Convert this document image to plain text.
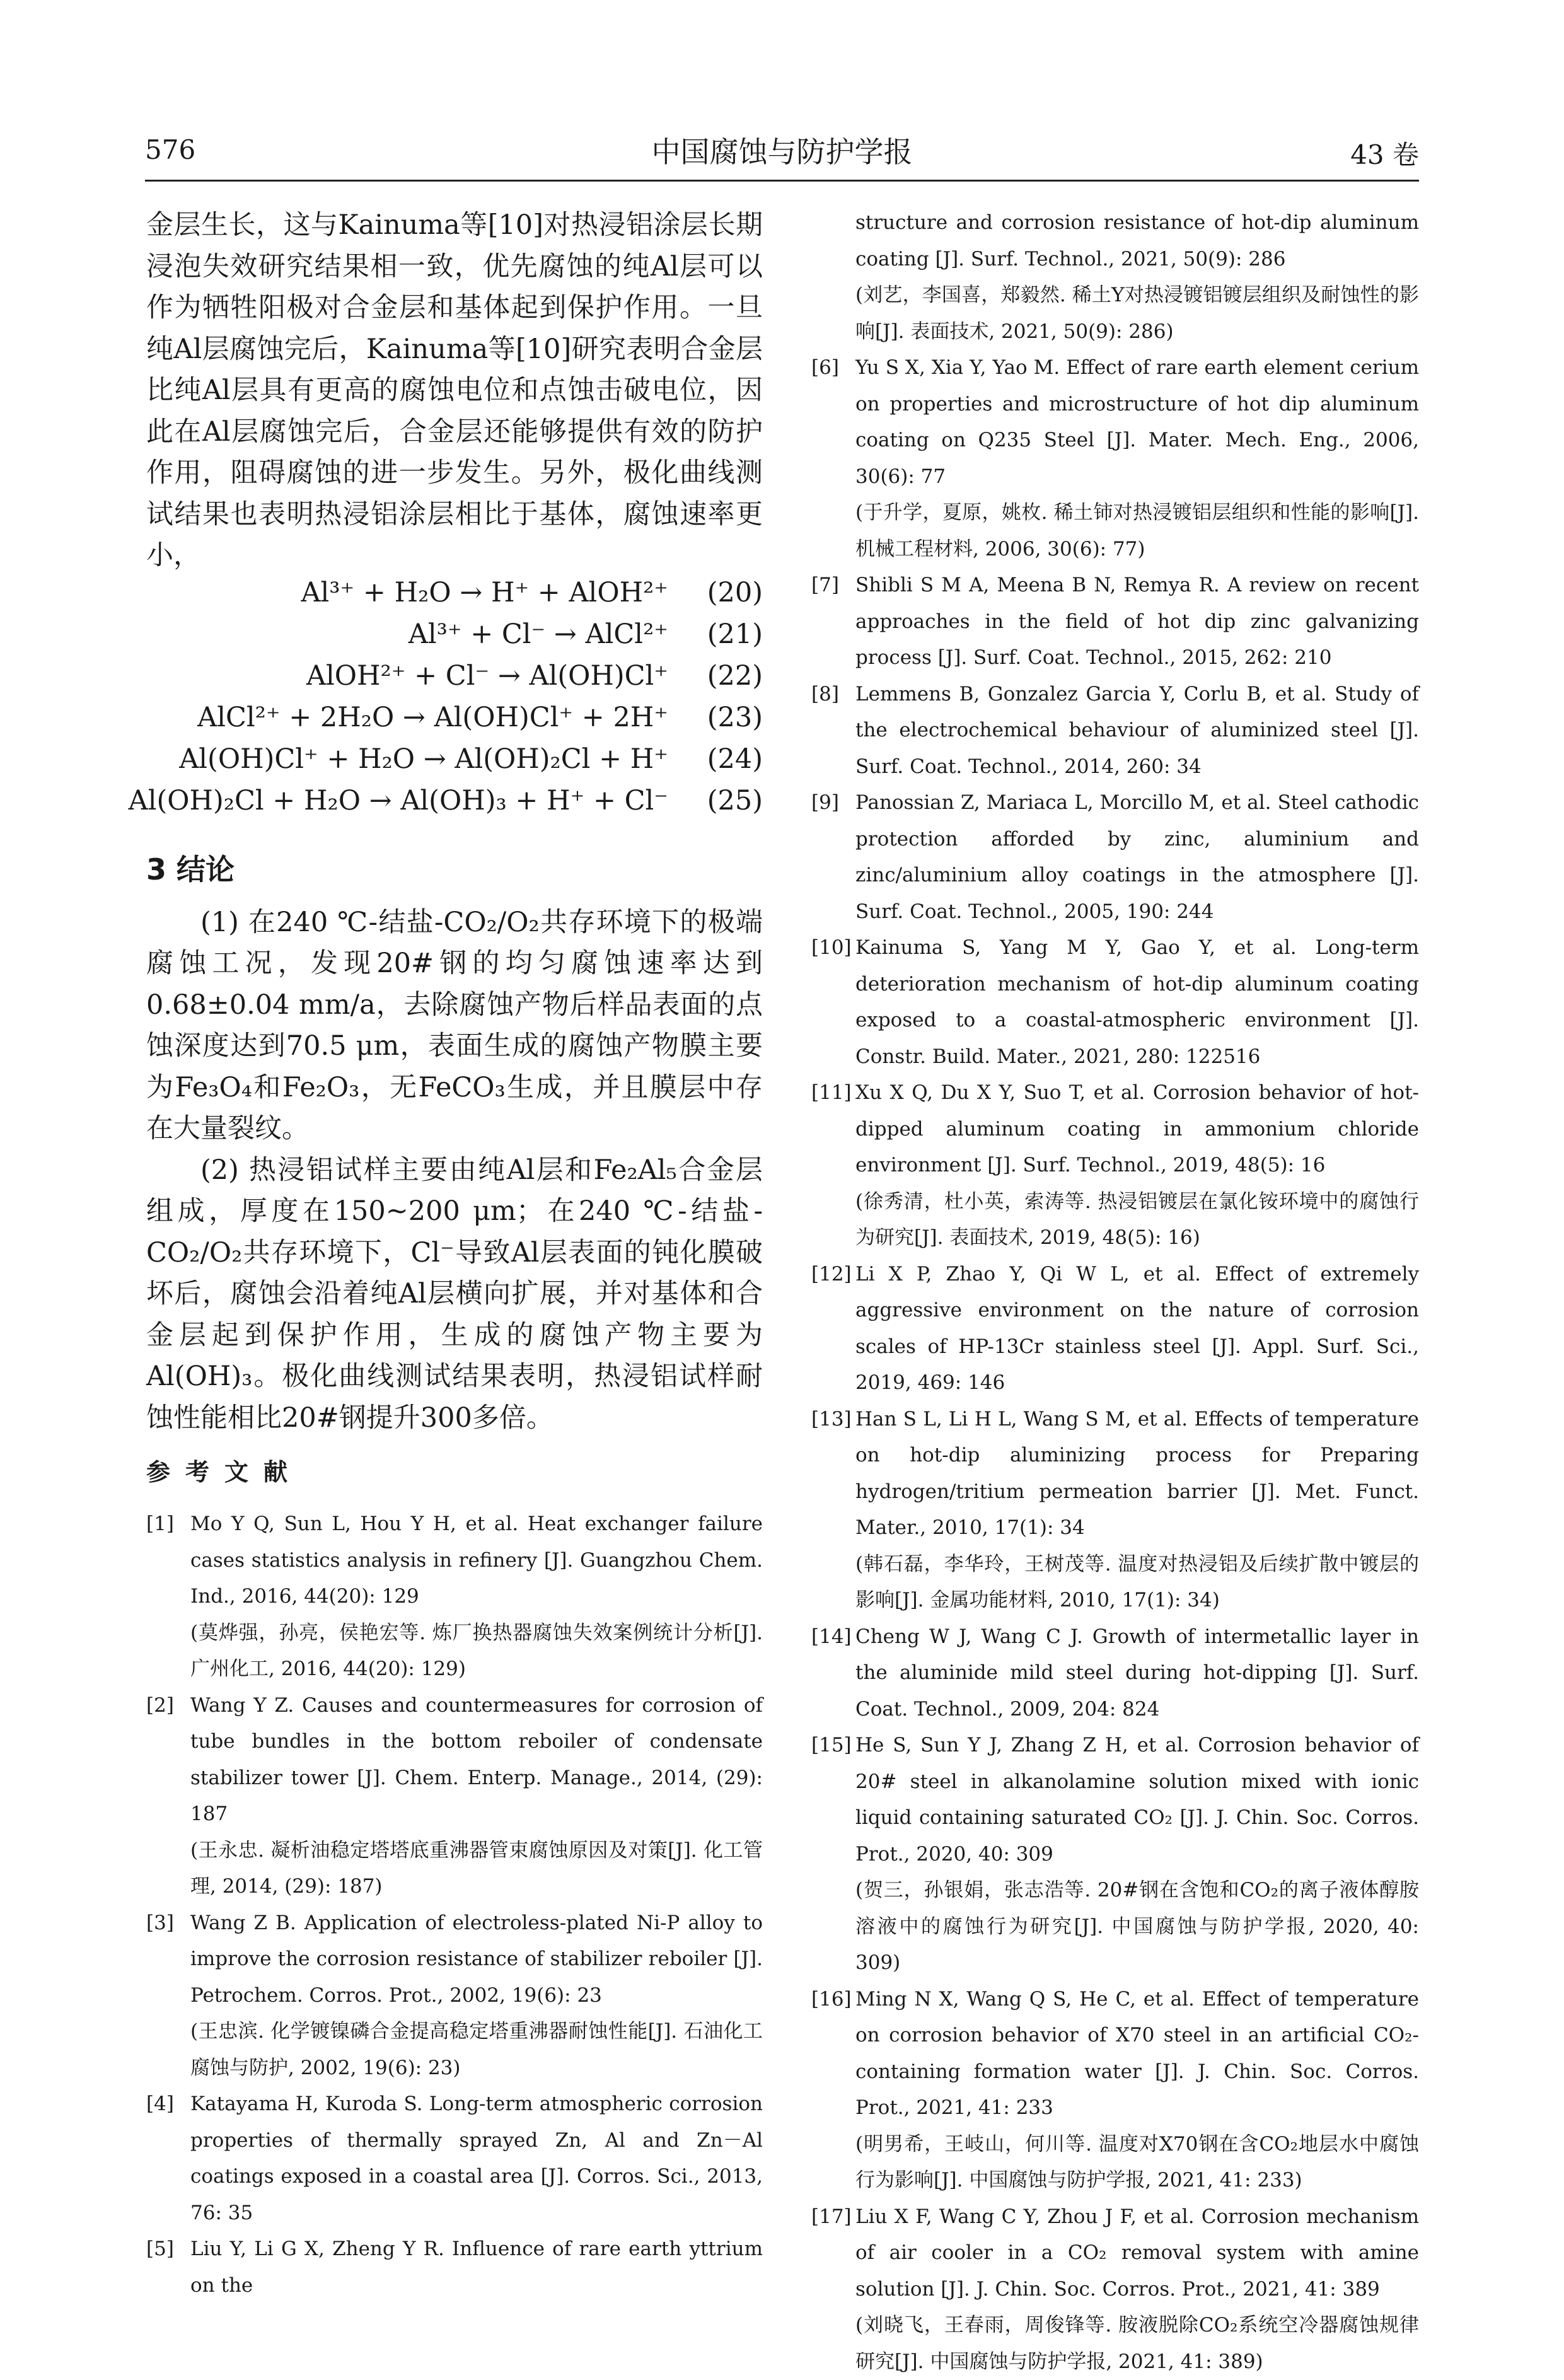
576	中国腐蚀与防护学报	43 卷

金层生长，这与Kainuma等[10]对热浸铝涂层长期浸泡失效研究结果相一致，优先腐蚀的纯Al层可以作为牺牲阳极对合金层和基体起到保护作用。一旦纯Al层腐蚀完后，Kainuma等[10]研究表明合金层比纯Al层具有更高的腐蚀电位和点蚀击破电位，因此在Al层腐蚀完后，合金层还能够提供有效的防护作用，阻碍腐蚀的进一步发生。另外，极化曲线测试结果也表明热浸铝涂层相比于基体，腐蚀速率更小，

Al³⁺ + H₂O → H⁺ + AlOH²⁺ (20)
Al³⁺ + Cl⁻ → AlCl²⁺ (21)
AlOH²⁺ + Cl⁻ → Al(OH)Cl⁺ (22)
AlCl²⁺ + 2H₂O → Al(OH)Cl⁺ + 2H⁺ (23)
Al(OH)Cl⁺ + H₂O → Al(OH)₂Cl + H⁺ (24)
Al(OH)₂Cl + H₂O → Al(OH)₃ + H⁺ + Cl⁻ (25)
3 结论

(1) 在240 ℃-结盐-CO₂/O₂共存环境下的极端腐蚀工况，发现20#钢的均匀腐蚀速率达到0.68±0.04 mm/a，去除腐蚀产物后样品表面的点蚀深度达到70.5 μm，表面生成的腐蚀产物膜主要为Fe₃O₄和Fe₂O₃，无FeCO₃生成，并且膜层中存在大量裂纹。

(2) 热浸铝试样主要由纯Al层和Fe₂Al₅合金层组成，厚度在150~200 μm；在240 ℃-结盐-CO₂/O₂共存环境下，Cl⁻导致Al层表面的钝化膜破坏后，腐蚀会沿着纯Al层横向扩展，并对基体和合金层起到保护作用，生成的腐蚀产物主要为Al(OH)₃。极化曲线测试结果表明，热浸铝试样耐蚀性能相比20#钢提升300多倍。

参考文献
[1] Mo Y Q, Sun L, Hou Y H, et al. Heat exchanger failure cases statistics analysis in refinery [J]. Guangzhou Chem. Ind., 2016, 44(20): 129
(莫烨强，孙亮，侯艳宏等. 炼厂换热器腐蚀失效案例统计分析[J]. 广州化工, 2016, 44(20): 129)
[2] Wang Y Z. Causes and countermeasures for corrosion of tube bundles in the bottom reboiler of condensate stabilizer tower [J]. Chem. Enterp. Manage., 2014, (29): 187
(王永忠. 凝析油稳定塔塔底重沸器管束腐蚀原因及对策[J]. 化工管理, 2014, (29): 187)
[3] Wang Z B. Application of electroless-plated Ni-P alloy to improve the corrosion resistance of stabilizer reboiler [J]. Petrochem. Corros. Prot., 2002, 19(6): 23
(王忠滨. 化学镀镍磷合金提高稳定塔重沸器耐蚀性能[J]. 石油化工腐蚀与防护, 2002, 19(6): 23)
[4] Katayama H, Kuroda S. Long-term atmospheric corrosion properties of thermally sprayed Zn, Al and Zn－Al coatings exposed in a coastal area [J]. Corros. Sci., 2013, 76: 35
[5] Liu Y, Li G X, Zheng Y R. Influence of rare earth yttrium on the
structure and corrosion resistance of hot-dip aluminum coating [J]. Surf. Technol., 2021, 50(9): 286
(刘艺，李国喜，郑毅然. 稀土Y对热浸镀铝镀层组织及耐蚀性的影响[J]. 表面技术, 2021, 50(9): 286)
[6] Yu S X, Xia Y, Yao M. Effect of rare earth element cerium on properties and microstructure of hot dip aluminum coating on Q235 Steel [J]. Mater. Mech. Eng., 2006, 30(6): 77
(于升学，夏原，姚枚. 稀土铈对热浸镀铝层组织和性能的影响[J]. 机械工程材料, 2006, 30(6): 77)
[7] Shibli S M A, Meena B N, Remya R. A review on recent approaches in the field of hot dip zinc galvanizing process [J]. Surf. Coat. Technol., 2015, 262: 210
[8] Lemmens B, Gonzalez Garcia Y, Corlu B, et al. Study of the electrochemical behaviour of aluminized steel [J]. Surf. Coat. Technol., 2014, 260: 34
[9] Panossian Z, Mariaca L, Morcillo M, et al. Steel cathodic protection afforded by zinc, aluminium and zinc/aluminium alloy coatings in the atmosphere [J]. Surf. Coat. Technol., 2005, 190: 244
[10] Kainuma S, Yang M Y, Gao Y, et al. Long-term deterioration mechanism of hot-dip aluminum coating exposed to a coastal-atmospheric environment [J]. Constr. Build. Mater., 2021, 280: 122516
[11] Xu X Q, Du X Y, Suo T, et al. Corrosion behavior of hot-dipped aluminum coating in ammonium chloride environment [J]. Surf. Technol., 2019, 48(5): 16
(徐秀清，杜小英，索涛等. 热浸铝镀层在氯化铵环境中的腐蚀行为研究[J]. 表面技术, 2019, 48(5): 16)
[12] Li X P, Zhao Y, Qi W L, et al. Effect of extremely aggressive environment on the nature of corrosion scales of HP-13Cr stainless steel [J]. Appl. Surf. Sci., 2019, 469: 146
[13] Han S L, Li H L, Wang S M, et al. Effects of temperature on hot-dip aluminizing process for Preparing hydrogen/tritium permeation barrier [J]. Met. Funct. Mater., 2010, 17(1): 34
(韩石磊，李华玲，王树茂等. 温度对热浸铝及后续扩散中镀层的影响[J]. 金属功能材料, 2010, 17(1): 34)
[14] Cheng W J, Wang C J. Growth of intermetallic layer in the aluminide mild steel during hot-dipping [J]. Surf. Coat. Technol., 2009, 204: 824
[15] He S, Sun Y J, Zhang Z H, et al. Corrosion behavior of 20# steel in alkanolamine solution mixed with ionic liquid containing saturated CO₂ [J]. J. Chin. Soc. Corros. Prot., 2020, 40: 309
(贺三，孙银娟，张志浩等. 20#钢在含饱和CO₂的离子液体醇胺溶液中的腐蚀行为研究[J]. 中国腐蚀与防护学报, 2020, 40: 309)
[16] Ming N X, Wang Q S, He C, et al. Effect of temperature on corrosion behavior of X70 steel in an artificial CO₂-containing formation water [J]. J. Chin. Soc. Corros. Prot., 2021, 41: 233
(明男希，王岐山，何川等. 温度对X70钢在含CO₂地层水中腐蚀行为影响[J]. 中国腐蚀与防护学报, 2021, 41: 233)
[17] Liu X F, Wang C Y, Zhou J F, et al. Corrosion mechanism of air cooler in a CO₂ removal system with amine solution [J]. J. Chin. Soc. Corros. Prot., 2021, 41: 389
(刘晓飞，王春雨，周俊锋等. 胺液脱除CO₂系统空冷器腐蚀规律研究[J]. 中国腐蚀与防护学报, 2021, 41: 389)
